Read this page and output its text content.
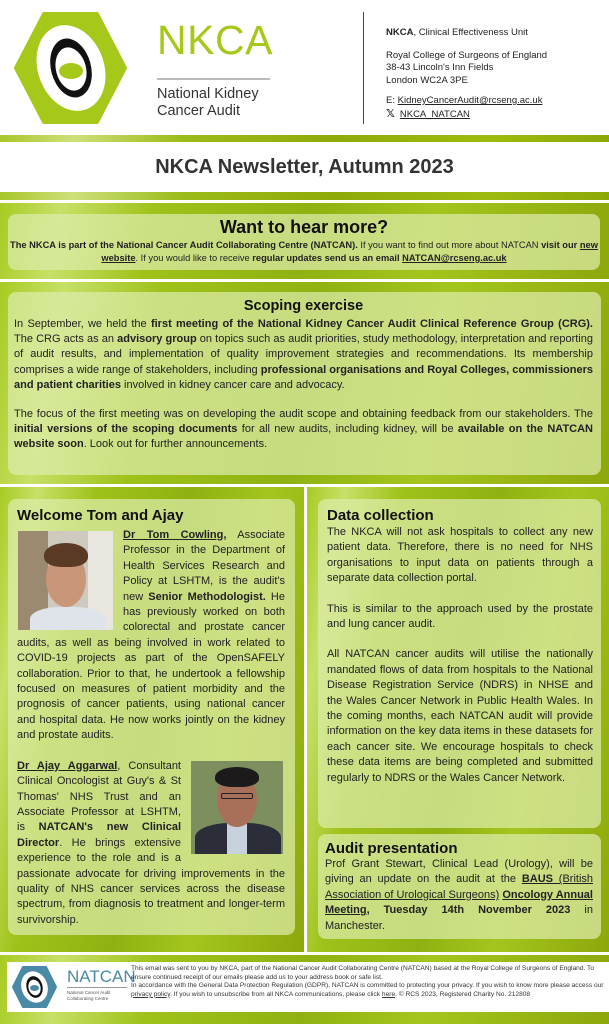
NKCA
National Kidney
Cancer Audit
NKCA, Clinical Effectiveness Unit
Royal College of Surgeons of England
38-43 Lincoln's Inn Fields
London WC2A 3PE
E: KidneyCancerAudit@rcseng.ac.uk
𝕏 NKCA_NATCAN
NKCA Newsletter, Autumn 2023
Want to hear more?

The NKCA is part of the National Cancer Audit Collaborating Centre (NATCAN). If you want to find out more about NATCAN visit our new website. If you would like to receive regular updates send us an email NATCAN@rcseng.ac.uk

Scoping exercise

In September, we held the first meeting of the National Kidney Cancer Audit Clinical Reference Group (CRG). The CRG acts as an advisory group on topics such as audit priorities, study methodology, interpretation and reporting of audit results, and implementation of quality improvement strategies and recommendations. Its membership comprises a wide range of stakeholders, including professional organisations and Royal Colleges, commissioners and patient charities involved in kidney cancer care and advocacy.

The focus of the first meeting was on developing the audit scope and obtaining feedback from our stakeholders. The initial versions of the scoping documents for all new audits, including kidney, will be available on the NATCAN website soon. Look out for further announcements.

Welcome Tom and Ajay
Dr Tom Cowling, Associate Professor in the Department of Health Services Research and Policy at LSHTM, is the audit's new Senior Methodologist. He has previously worked on both colorectal and prostate cancer audits, as well as being involved in work related to COVID-19 projects as part of the OpenSAFELY collaboration. Prior to that, he undertook a fellowship focused on measures of patient morbidity and the prognosis of cancer patients, using national cancer and hospital data. He now works jointly on the kidney and prostate audits.
Dr Ajay Aggarwal, Consultant Clinical Oncologist at Guy's & St Thomas' NHS Trust and an Associate Professor at LSHTM, is NATCAN's new Clinical Director. He brings extensive experience to the role and is a passionate advocate for driving improvements in the quality of NHS cancer services across the disease spectrum, from diagnosis to treatment and longer-term survivorship.
Data collection

The NKCA will not ask hospitals to collect any new patient data. Therefore, there is no need for NHS organisations to input data on patients through a separate data collection portal.

This is similar to the approach used by the prostate and lung cancer audit.

All NATCAN cancer audits will utilise the nationally mandated flows of data from hospitals to the National Disease Registration Service (NDRS) in NHSE and the Wales Cancer Network in Public Health Wales. In the coming months, each NATCAN audit will provide information on the key data items in these datasets for each cancer site. We encourage hospitals to check these data items are being completed and submitted regularly to NDRS or the Wales Cancer Network.

Audit presentation

Prof Grant Stewart, Clinical Lead (Urology), will be giving an update on the audit at the BAUS (British Association of Urological Surgeons) Oncology Annual Meeting, Tuesday 14th November 2023 in Manchester.

NATCAN
National Cancer Audit
Collaborating Centre
This email was sent to you by NKCA, part of the National Cancer Audit Collaborating Centre (NATCAN) based at the Royal College of Surgeons of England. To ensure continued receipt of our emails please add us to your address book or safe list.
In accordance with the General Data Protection Regulation (GDPR), NATCAN is committed to protecting your privacy. If you wish to know more please access our privacy policy. If you wish to unsubscribe from all NKCA communications, please click here. © RCS 2023, Registered Charity No. 212808
